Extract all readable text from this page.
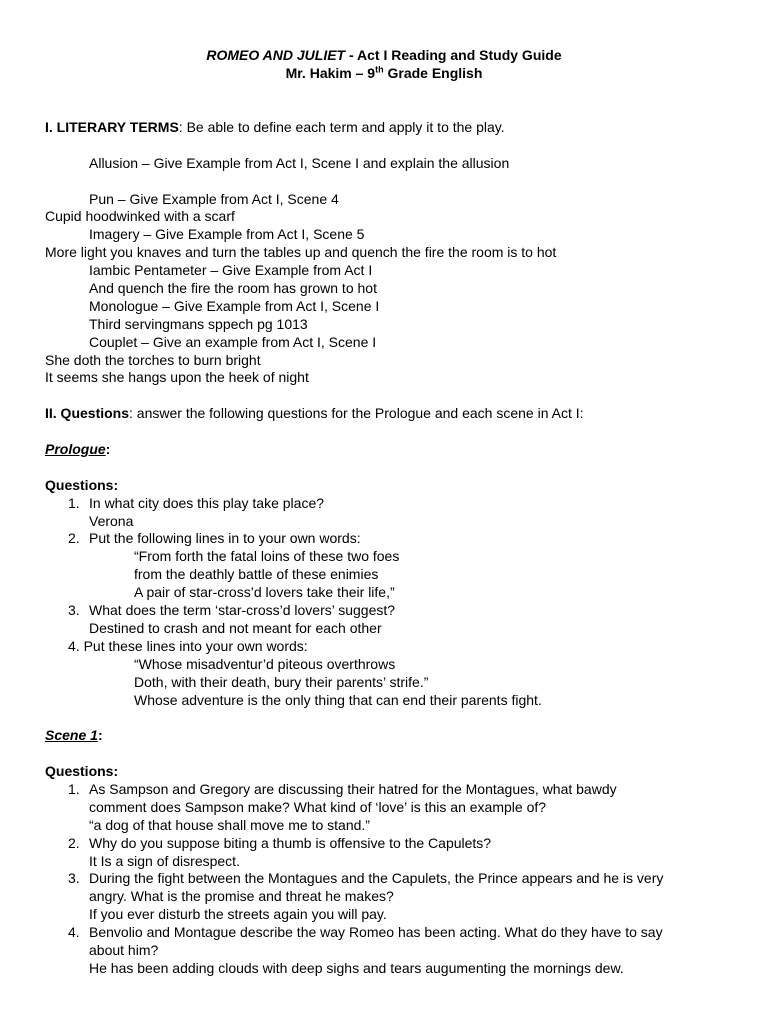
ROMEO AND JULIET - Act I Reading and Study Guide
Mr. Hakim – 9th Grade English
I. LITERARY TERMS: Be able to define each term and apply it to the play.
Allusion – Give Example from Act I, Scene I and explain the allusion
Pun – Give Example from Act I, Scene 4
Cupid hoodwinked with a scarf
Imagery – Give Example from Act I, Scene 5
More light you knaves and turn the tables up and quench the fire the room is to hot
Iambic Pentameter – Give Example from Act I
And quench the fire the room has grown to hot
Monologue – Give Example from Act I, Scene I
Third servingmans sppech pg 1013
Couplet – Give an example from Act I, Scene I
She doth the torches to burn bright
It seems she hangs upon the heek of night
II. Questions: answer the following questions for the Prologue and each scene in Act I:
Prologue:
Questions:
1. In what city does this play take place?
Verona
2. Put the following lines in to your own words:
“From forth the fatal loins of these two foes
from the deathly battle of these enimies
A pair of star-cross’d lovers take their life,”
3. What does the term ‘star-cross’d lovers’ suggest?
Destined to crash and not meant for each other
4. Put these lines into your own words:
“Whose misadventur’d piteous overthrows
Doth, with their death, bury their parents’ strife.”
Whose adventure is the only thing that can end their parents fight.
Scene 1:
Questions:
1. As Sampson and Gregory are discussing their hatred for the Montagues, what bawdy
comment does Sampson make? What kind of ‘love’ is this an example of?
“a dog of that house shall move me to stand.”
2. Why do you suppose biting a thumb is offensive to the Capulets?
It Is a sign of disrespect.
3. During the fight between the Montagues and the Capulets, the Prince appears and he is very
angry. What is the promise and threat he makes?
If you ever disturb the streets again you will pay.
4. Benvolio and Montague describe the way Romeo has been acting. What do they have to say
about him?
He has been adding clouds with deep sighs and tears augumenting the mornings dew.
